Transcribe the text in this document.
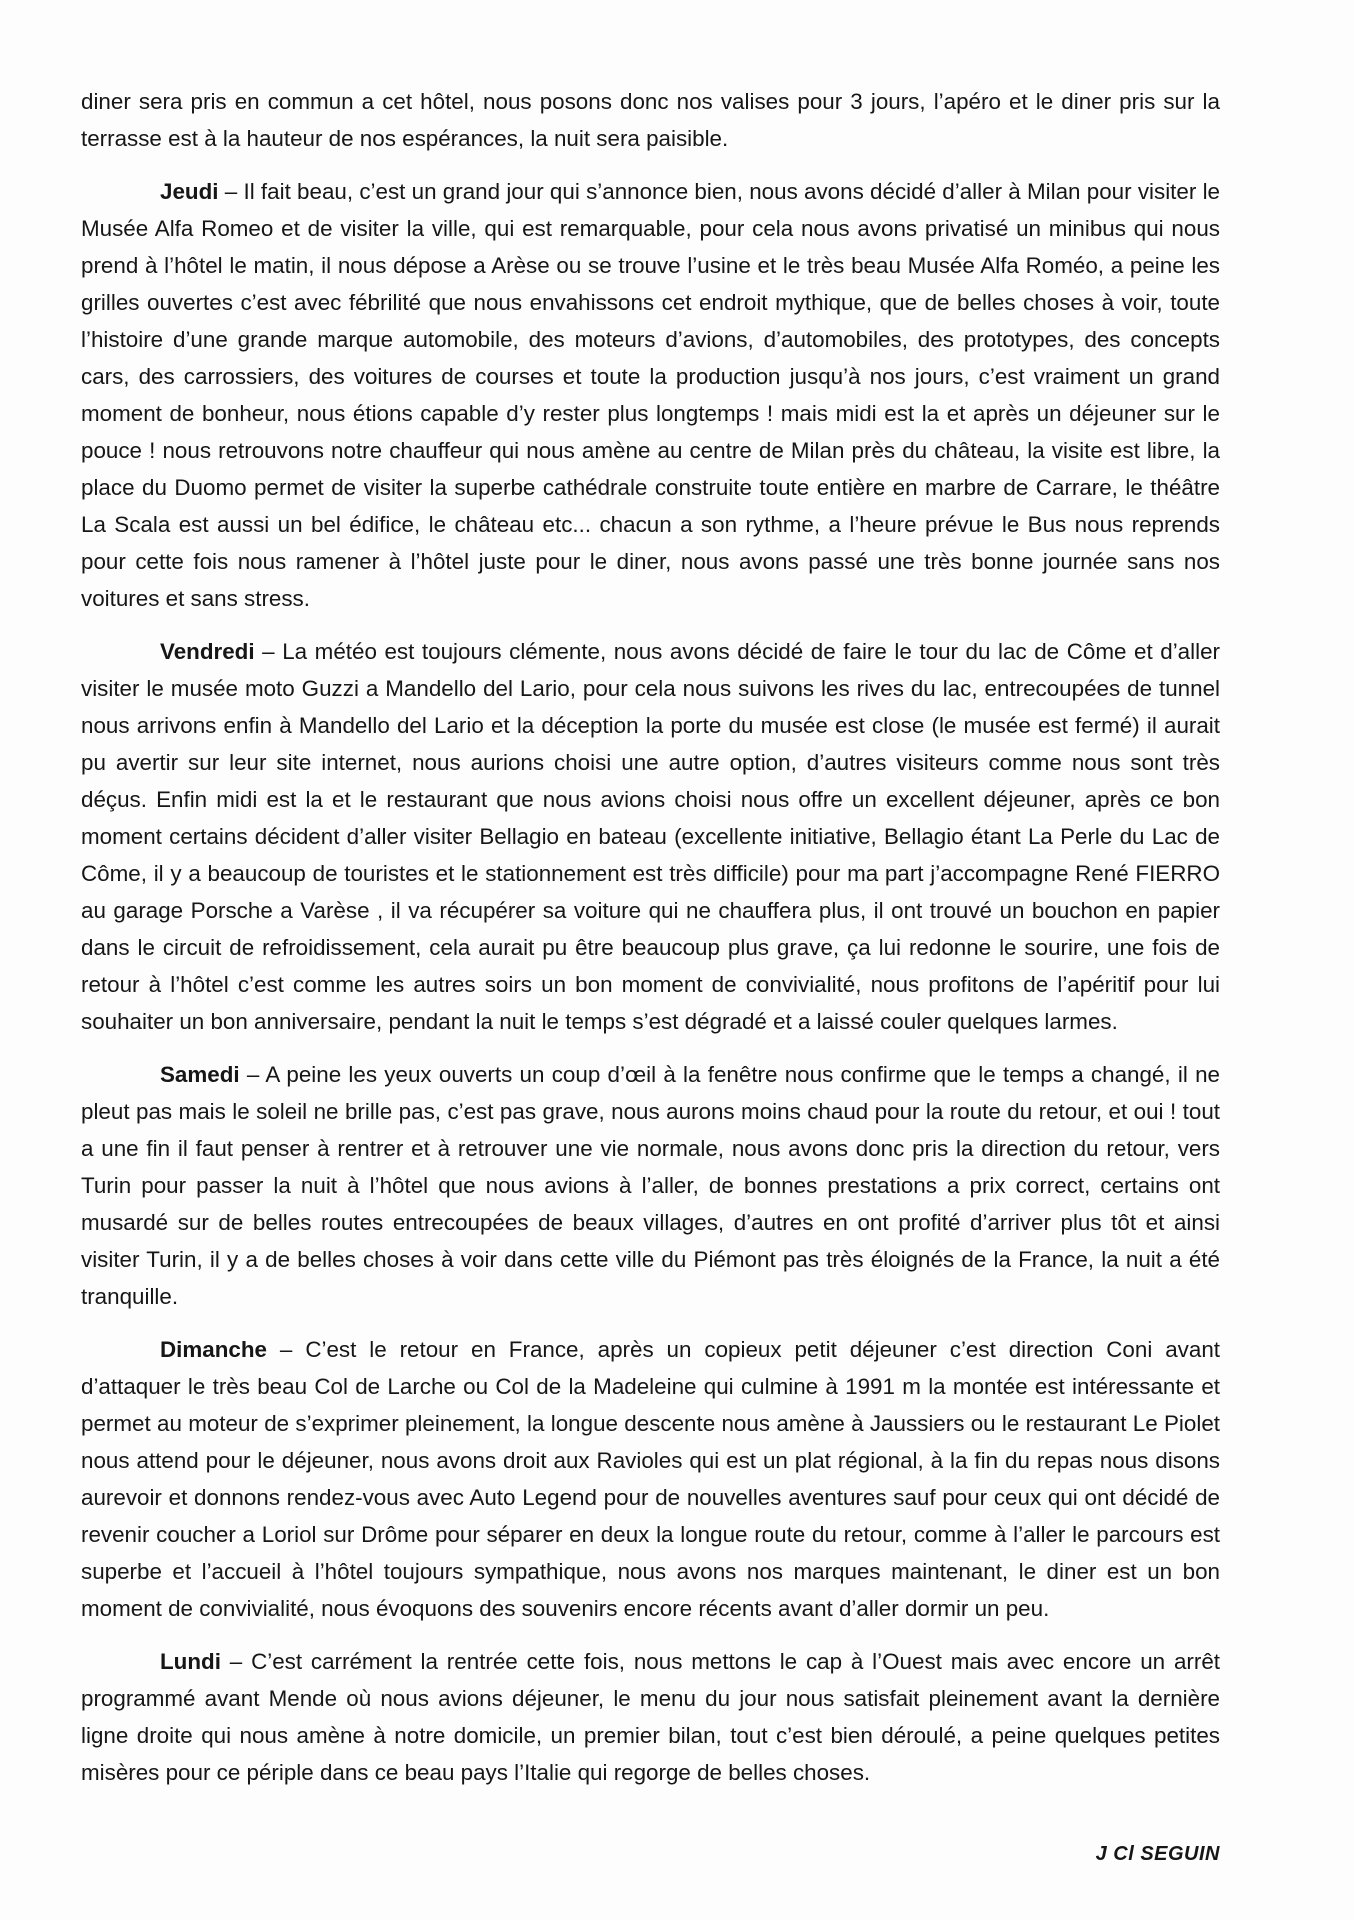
diner sera pris en commun a cet hôtel, nous posons donc nos valises pour 3 jours, l’apéro et le diner pris sur la terrasse est à la hauteur de nos espérances, la nuit sera paisible.

Jeudi – Il fait beau, c’est un grand jour qui s’annonce bien, nous avons décidé d’aller à Milan pour visiter le Musée Alfa Romeo et de visiter la ville, qui est remarquable, pour cela nous avons privatisé un minibus qui nous prend à l’hôtel le matin, il nous dépose a Arèse ou se trouve l’usine et le très beau Musée Alfa Roméo, a peine les grilles ouvertes c’est avec fébrilité que nous envahissons cet endroit mythique, que de belles choses à voir, toute l’histoire d’une grande marque automobile, des moteurs d’avions, d’automobiles, des prototypes, des concepts cars, des carrossiers, des voitures de courses et toute la production jusqu’à nos jours, c’est vraiment un grand moment de bonheur, nous étions capable d’y rester plus longtemps ! mais midi est la et après un déjeuner sur le pouce ! nous retrouvons notre chauffeur qui nous amène au centre de Milan près du château, la visite est libre, la place du Duomo permet de visiter la superbe cathédrale construite toute entière en marbre de Carrare, le théâtre La Scala est aussi un bel édifice, le château etc... chacun a son rythme, a l’heure prévue le Bus nous reprends pour cette fois nous ramener à l’hôtel juste pour le diner, nous avons passé une très bonne journée sans nos voitures et sans stress.

Vendredi – La météo est toujours clémente, nous avons décidé de faire le tour du lac de Côme et d’aller visiter le musée moto Guzzi a Mandello del Lario, pour cela nous suivons les rives du lac, entrecoupées de tunnel nous arrivons enfin à Mandello del Lario et la déception la porte du musée est close (le musée est fermé) il aurait pu avertir sur leur site internet, nous aurions choisi une autre option, d’autres visiteurs comme nous sont très déçus. Enfin midi est la et le restaurant que nous avions choisi nous offre un excellent déjeuner, après ce bon moment certains décident d’aller visiter Bellagio en bateau (excellente initiative, Bellagio étant La Perle du Lac de Côme, il y a beaucoup de touristes et le stationnement est très difficile) pour ma part j’accompagne René FIERRO au garage Porsche a Varèse , il va récupérer sa voiture qui ne chauffera plus, il ont trouvé un bouchon en papier dans le circuit de refroidissement, cela aurait pu être beaucoup plus grave, ça lui redonne le sourire, une fois de retour à l’hôtel c’est comme les autres soirs un bon moment de convivialité, nous profitons de l’apéritif pour lui souhaiter un bon anniversaire, pendant la nuit le temps s’est dégradé et a laissé couler quelques larmes.

Samedi – A peine les yeux ouverts un coup d’œil à la fenêtre nous confirme que le temps a changé, il ne pleut pas mais le soleil ne brille pas, c’est pas grave, nous aurons moins chaud pour la route du retour, et oui ! tout a une fin il faut penser à rentrer et à retrouver une vie normale, nous avons donc pris la direction du retour, vers Turin pour passer la nuit à l’hôtel que nous avions à l’aller, de bonnes prestations a prix correct, certains ont musardé sur de belles routes entrecoupées de beaux villages, d’autres en ont profité d’arriver plus tôt et ainsi visiter Turin, il y a de belles choses à voir dans cette ville du Piémont pas très éloignés de la France, la nuit a été tranquille.

Dimanche – C’est le retour en France, après un copieux petit déjeuner c’est direction Coni avant d’attaquer le très beau Col de Larche ou Col de la Madeleine qui culmine à 1991 m la montée est intéressante et permet au moteur de s’exprimer pleinement, la longue descente nous amène à Jaussiers ou le restaurant Le Piolet nous attend pour le déjeuner, nous avons droit aux Ravioles qui est un plat régional, à la fin du repas nous disons aurevoir et donnons rendez-vous avec Auto Legend pour de nouvelles aventures sauf pour ceux qui ont décidé de revenir coucher a Loriol sur Drôme pour séparer en deux la longue route du retour, comme à l’aller le parcours est superbe et l’accueil à l’hôtel toujours sympathique, nous avons nos marques maintenant, le diner est un bon moment de convivialité, nous évoquons des souvenirs encore récents avant d’aller dormir un peu.

Lundi – C’est carrément la rentrée cette fois, nous mettons le cap à l’Ouest mais avec encore un arrêt programmé avant Mende où nous avions déjeuner, le menu du jour nous satisfait pleinement avant la dernière ligne droite qui nous amène à notre domicile, un premier bilan, tout c’est bien déroulé, a peine quelques petites misères pour ce périple dans ce beau pays l’Italie qui regorge de belles choses.

J Cl SEGUIN
